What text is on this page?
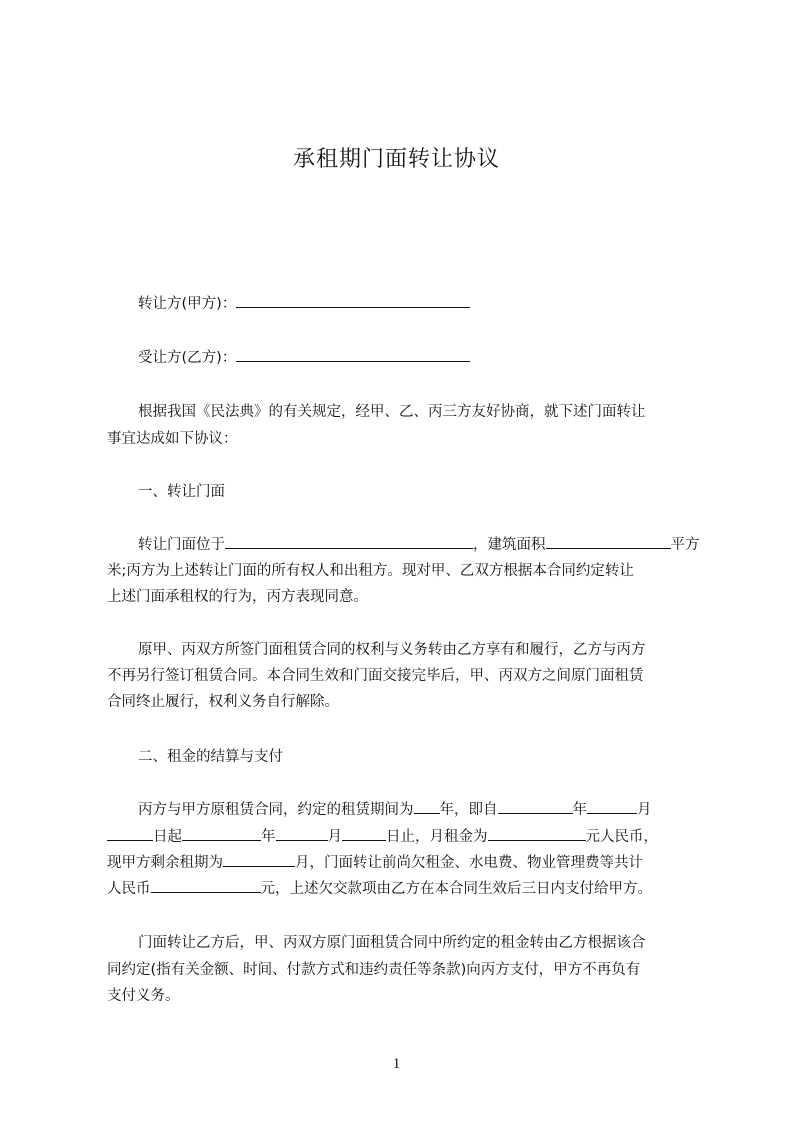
承租期门面转让协议
转让方(甲方)：
受让方(乙方)：
根据我国《民法典》的有关规定，经甲、乙、丙三方友好协商，就下述门面转让
事宜达成如下协议：
一、转让门面
转让门面位于	，建筑面积	平方
米;丙方为上述转让门面的所有权人和出租方。现对甲、乙双方根据本合同约定转让
上述门面承租权的行为，丙方表现同意。
原甲、丙双方所签门面租赁合同的权利与义务转由乙方享有和履行，乙方与丙方
不再另行签订租赁合同。本合同生效和门面交接完毕后，甲、丙双方之间原门面租赁
合同终止履行，权利义务自行解除。
二、租金的结算与支付
丙方与甲方原租赁合同，约定的租赁期间为 年，即自	年	月
日起	年	月	日止，月租金为	元人民币，
现甲方剩余租期为	月，门面转让前尚欠租金、水电费、物业管理费等共计
人民币	元，上述欠交款项由乙方在本合同生效后三日内支付给甲方。
门面转让乙方后，甲、丙双方原门面租赁合同中所约定的租金转由乙方根据该合
同约定(指有关金额、时间、付款方式和违约责任等条款)向丙方支付，甲方不再负有
支付义务。
1
